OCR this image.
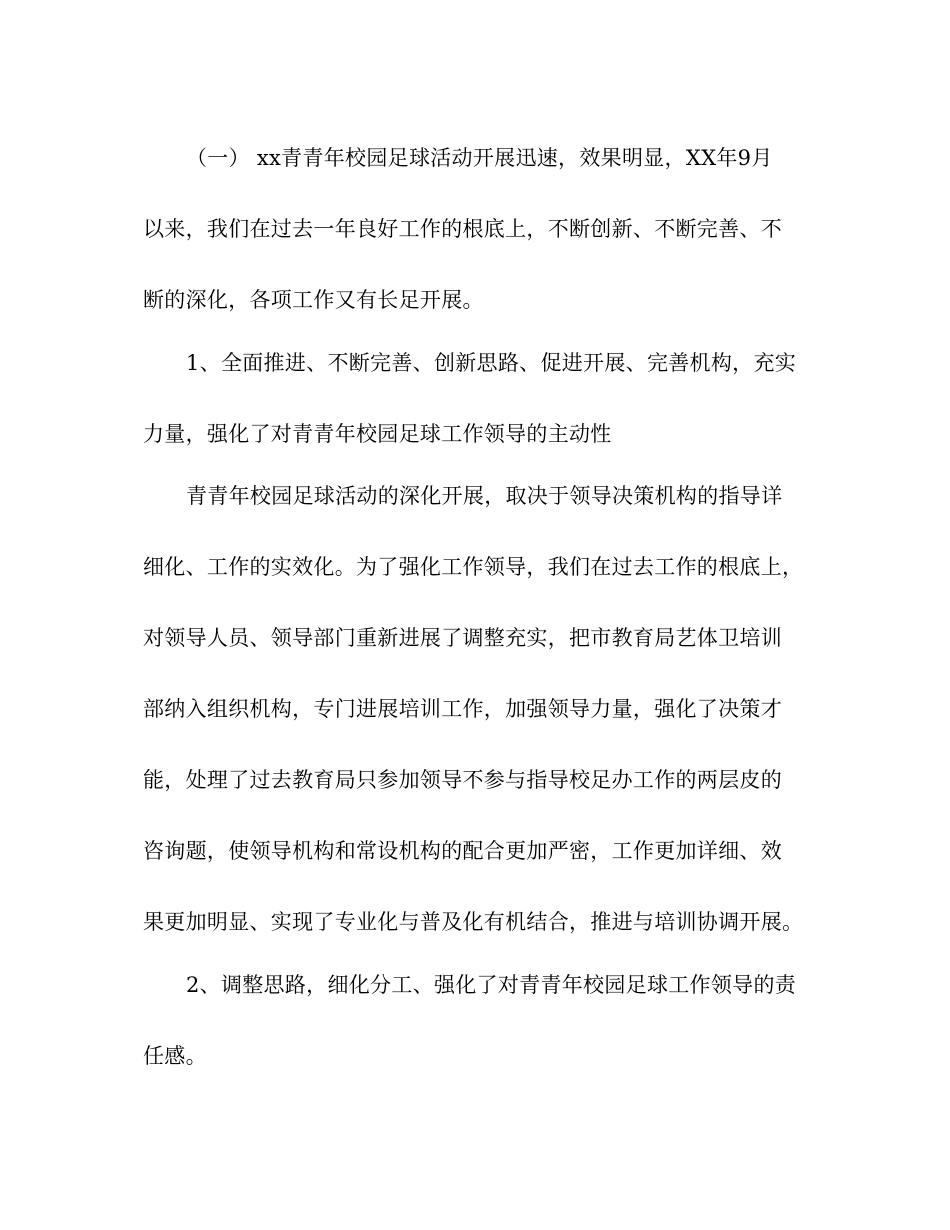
（一） xx青青年校园足球活动开展迅速，效果明显，XX年9月
以来，我们在过去一年良好工作的根底上，不断创新、不断完善、不
断的深化，各项工作又有长足开展。
1、全面推进、不断完善、创新思路、促进开展、完善机构，充实
力量，强化了对青青年校园足球工作领导的主动性
青青年校园足球活动的深化开展，取决于领导决策机构的指导详
细化、工作的实效化。为了强化工作领导，我们在过去工作的根底上，
对领导人员、领导部门重新进展了调整充实，把市教育局艺体卫培训
部纳入组织机构，专门进展培训工作，加强领导力量，强化了决策才
能，处理了过去教育局只参加领导不参与指导校足办工作的两层皮的
咨询题，使领导机构和常设机构的配合更加严密，工作更加详细、效
果更加明显、实现了专业化与普及化有机结合，推进与培训协调开展。
2、调整思路，细化分工、强化了对青青年校园足球工作领导的责
任感。
